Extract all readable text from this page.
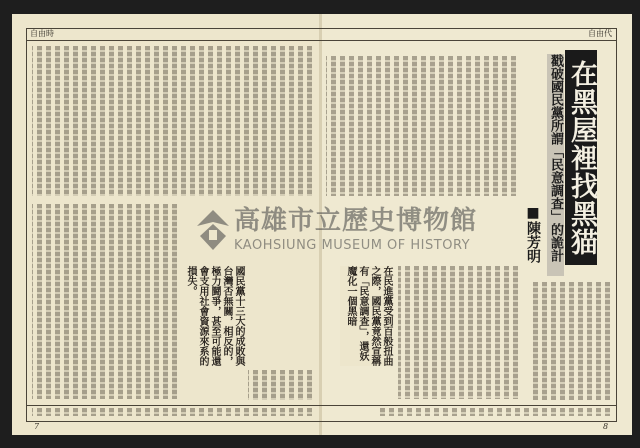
自由時	自由代
國民黨十三大的成敗與台灣否無關，相反的，極力鬪爭，甚至可能還會支用社會資源來系的損失。	在民進黨受到百般扭曲之際，國民黨竟然宣稱有「民意調查」，還妖魔化一個黑暗
戳破國民黨所謂「民意調查」的詭計 在黑屋裡找黑猫
■陳芳明
高雄市立歷史博物館
KAOHSIUNG MUSEUM OF HISTORY
7	8
